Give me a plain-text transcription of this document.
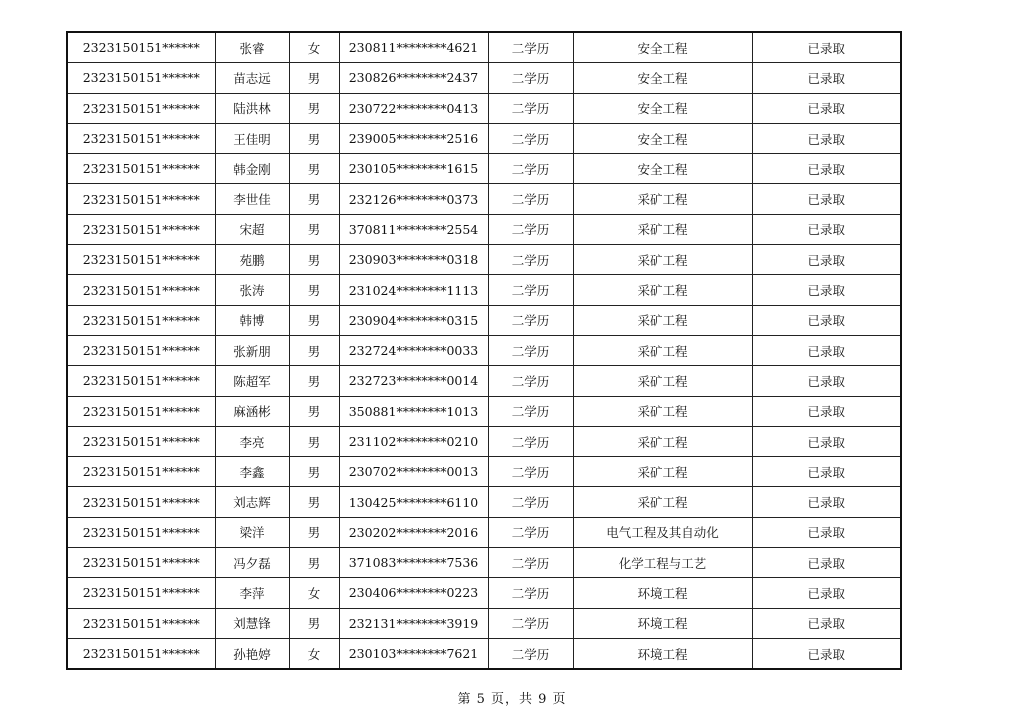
2323150151******	张睿	女	230811********4621	二学历	安全工程	已录取
2323150151******	苗志远	男	230826********2437	二学历	安全工程	已录取
2323150151******	陆洪林	男	230722********0413	二学历	安全工程	已录取
2323150151******	王佳明	男	239005********2516	二学历	安全工程	已录取
2323150151******	韩金刚	男	230105********1615	二学历	安全工程	已录取
2323150151******	李世佳	男	232126********0373	二学历	采矿工程	已录取
2323150151******	宋超	男	370811********2554	二学历	采矿工程	已录取
2323150151******	苑鹏	男	230903********0318	二学历	采矿工程	已录取
2323150151******	张涛	男	231024********1113	二学历	采矿工程	已录取
2323150151******	韩博	男	230904********0315	二学历	采矿工程	已录取
2323150151******	张新朋	男	232724********0033	二学历	采矿工程	已录取
2323150151******	陈超军	男	232723********0014	二学历	采矿工程	已录取
2323150151******	麻涵彬	男	350881********1013	二学历	采矿工程	已录取
2323150151******	李亮	男	231102********0210	二学历	采矿工程	已录取
2323150151******	李鑫	男	230702********0013	二学历	采矿工程	已录取
2323150151******	刘志辉	男	130425********6110	二学历	采矿工程	已录取
2323150151******	梁洋	男	230202********2016	二学历	电气工程及其自动化	已录取
2323150151******	冯夕磊	男	371083********7536	二学历	化学工程与工艺	已录取
2323150151******	李萍	女	230406********0223	二学历	环境工程	已录取
2323150151******	刘慧锋	男	232131********3919	二学历	环境工程	已录取
2323150151******	孙艳婷	女	230103********7621	二学历	环境工程	已录取
第 5 页，共 9 页
